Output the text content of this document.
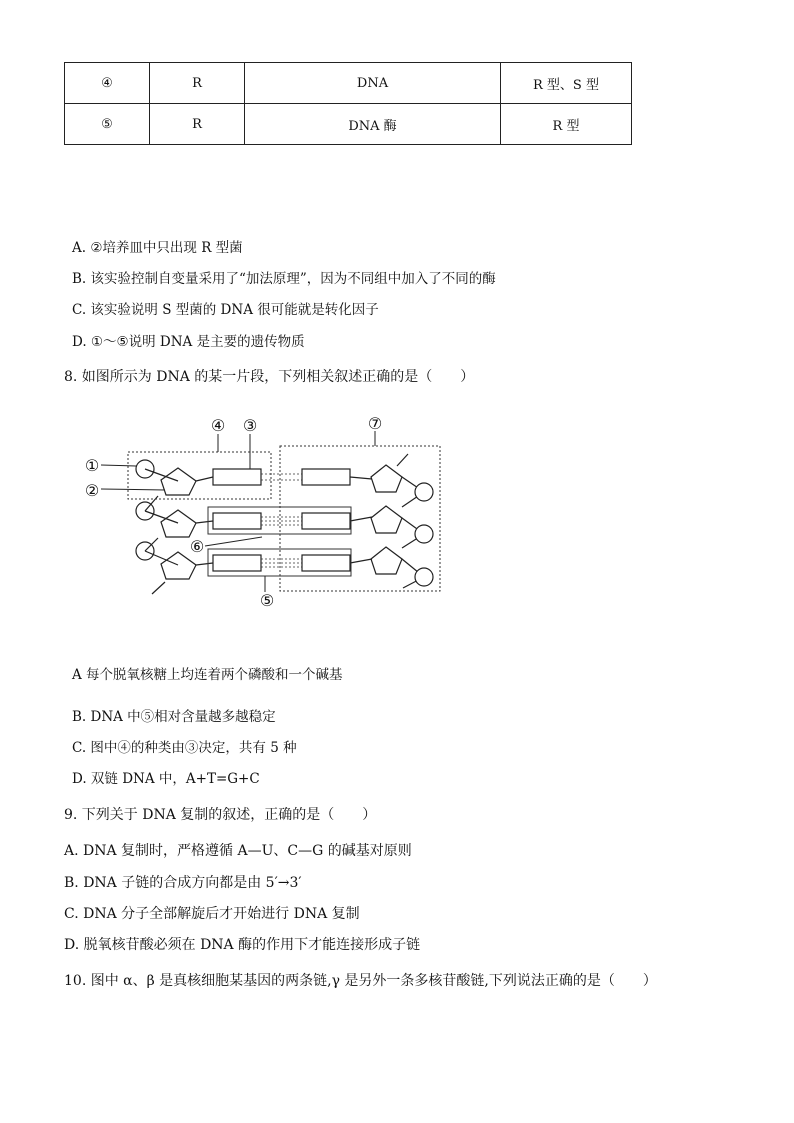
④	R	DNA	R 型、S 型
⑤	R	DNA 酶	R 型
A. ②培养皿中只出现 R 型菌
B. 该实验控制自变量采用了“加法原理”，因为不同组中加入了不同的酶
C. 该实验说明 S 型菌的 DNA 很可能就是转化因子
D. ①～⑤说明 DNA 是主要的遗传物质
8. 如图所示为 DNA 的某一片段，下列相关叙述正确的是（　　）
④ ③	⑦
①
②
⑥
⑤
A 每个脱氧核糖上均连着两个磷酸和一个碱基
B. DNA 中⑤相对含量越多越稳定
C. 图中④的种类由③决定，共有 5 种
D. 双链 DNA 中，A+T=G+C
9. 下列关于 DNA 复制的叙述，正确的是（　　）
A. DNA 复制时，严格遵循 A—U、C—G 的碱基对原则
B. DNA 子链的合成方向都是由 5′→3′
C. DNA 分子全部解旋后才开始进行 DNA 复制
D. 脱氧核苷酸必须在 DNA 酶的作用下才能连接形成子链
10. 图中 α、β 是真核细胞某基因的两条链,γ 是另外一条多核苷酸链,下列说法正确的是（　　）
